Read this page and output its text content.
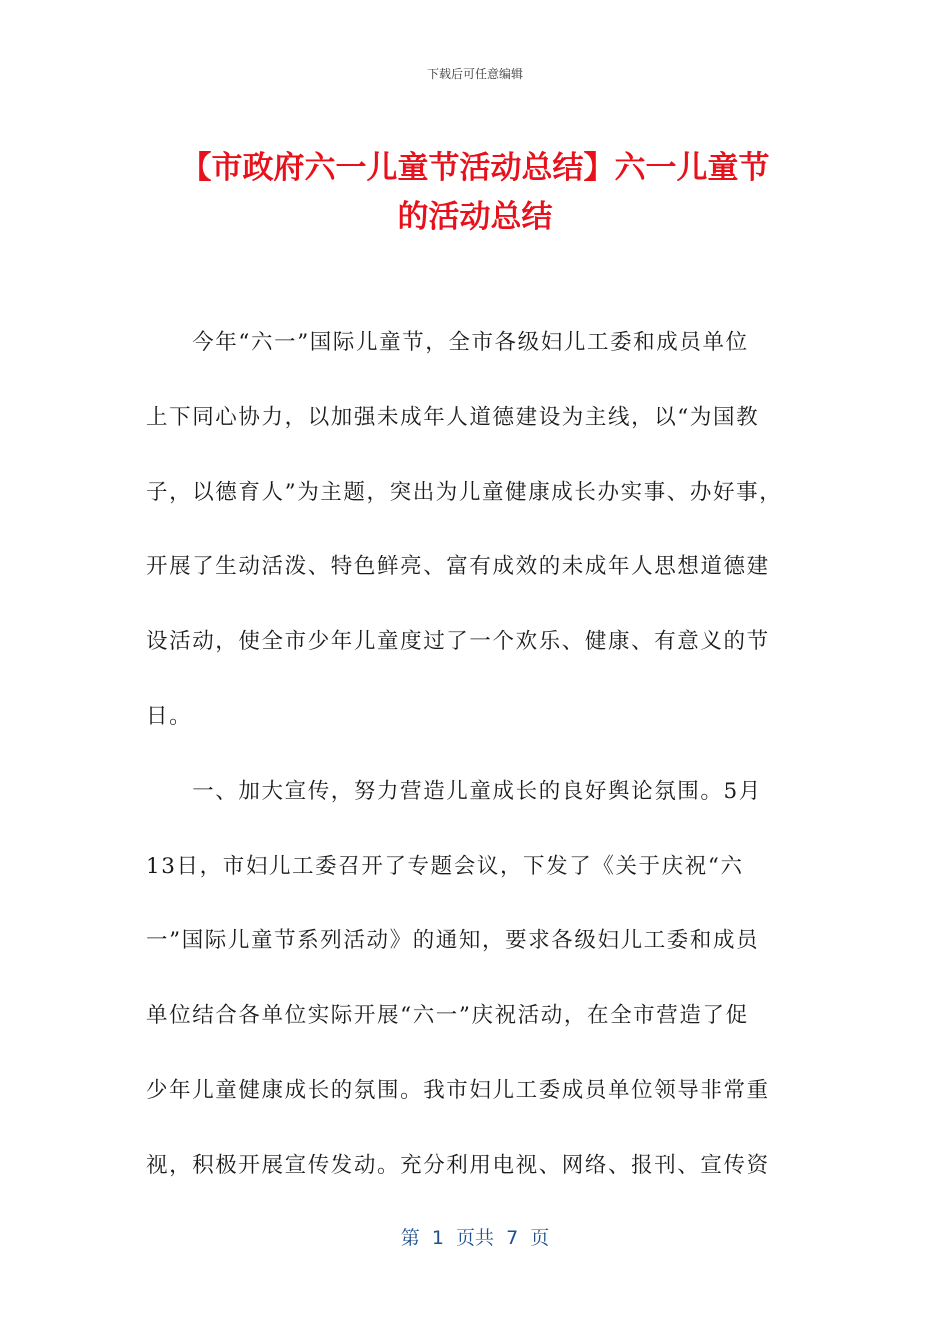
下载后可任意编辑
【市政府六一儿童节活动总结】六一儿童节
的活动总结
　　今年“六一”国际儿童节，全市各级妇儿工委和成员单位
上下同心协力，以加强未成年人道德建设为主线，以“为国教
子，以德育人”为主题，突出为儿童健康成长办实事、办好事，
开展了生动活泼、特色鲜亮、富有成效的未成年人思想道德建
设活动，使全市少年儿童度过了一个欢乐、健康、有意义的节
日。
　　一、加大宣传，努力营造儿童成长的良好舆论氛围。5月
13日，市妇儿工委召开了专题会议，下发了《关于庆祝“六
一”国际儿童节系列活动》的通知，要求各级妇儿工委和成员
单位结合各单位实际开展“六一”庆祝活动，在全市营造了促
少年儿童健康成长的氛围。我市妇儿工委成员单位领导非常重
视，积极开展宣传发动。充分利用电视、网络、报刊、宣传资
第  1  页共  7  页
